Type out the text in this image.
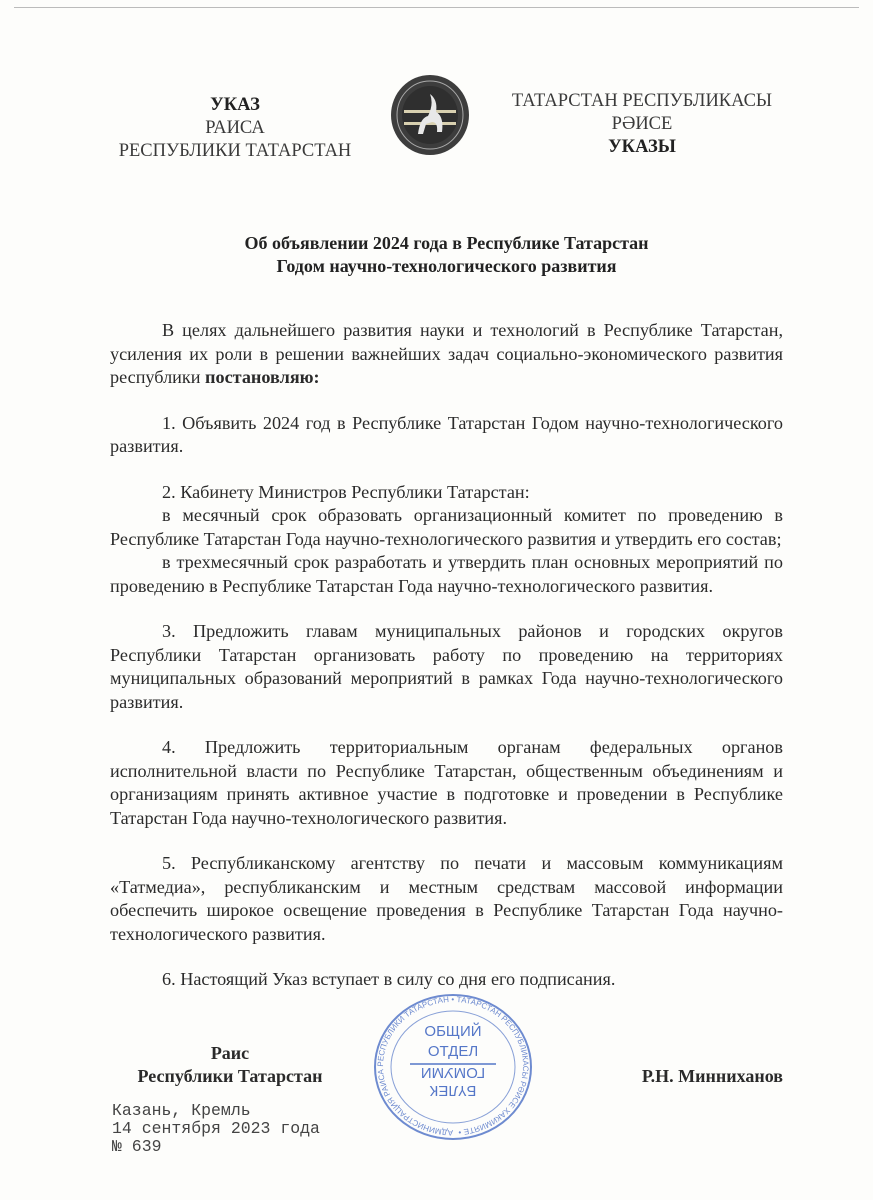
УКАЗ
РАИСА
РЕСПУБЛИКИ ТАТАРСТАН
ТАТАРСТАН РЕСПУБЛИКАСЫ
РӘИСЕ
УКАЗЫ
Об объявлении 2024 года в Республике Татарстан
Годом научно-технологического развития
В целях дальнейшего развития науки и технологий в Республике Татарстан, усиления их роли в решении важнейших задач социально-экономического развития республики постановляю:
1. Объявить 2024 год в Республике Татарстан Годом научно-технологического развития.
2. Кабинету Министров Республики Татарстан:
в месячный срок образовать организационный комитет по проведению в Республике Татарстан Года научно-технологического развития и утвердить его состав;
в трехмесячный срок разработать и утвердить план основных мероприятий по проведению в Республике Татарстан Года научно-технологического развития.
3. Предложить главам муниципальных районов и городских округов Республики Татарстан организовать работу по проведению на территориях муниципальных образований мероприятий в рамках Года научно-технологического развития.
4. Предложить территориальным органам федеральных органов исполнительной власти по Республике Татарстан, общественным объединениям и организациям принять активное участие в подготовке и проведении в Республике Татарстан Года научно-технологического развития.
5. Республиканскому агентству по печати и массовым коммуникациям «Татмедиа», республиканским и местным средствам массовой информации обеспечить широкое освещение проведения в Республике Татарстан Года научно-технологического развития.
6. Настоящий Указ вступает в силу со дня его подписания.
Раис
Республики Татарстан	Р.Н. Минниханов
АДМИНИСТРАЦИЯ РАИСА РЕСПУБЛИКИ ТАТАРСТАН • ТАТАРСТАН РЕСПУБЛИКАСЫ РӘИСЕ ХАКИМИЯТЕ •
ОБЩИЙ
ОТДЕЛ
БҮЛЕК
ГОМУМИ
Казань, Кремль
14 сентября 2023 года
№ 639
